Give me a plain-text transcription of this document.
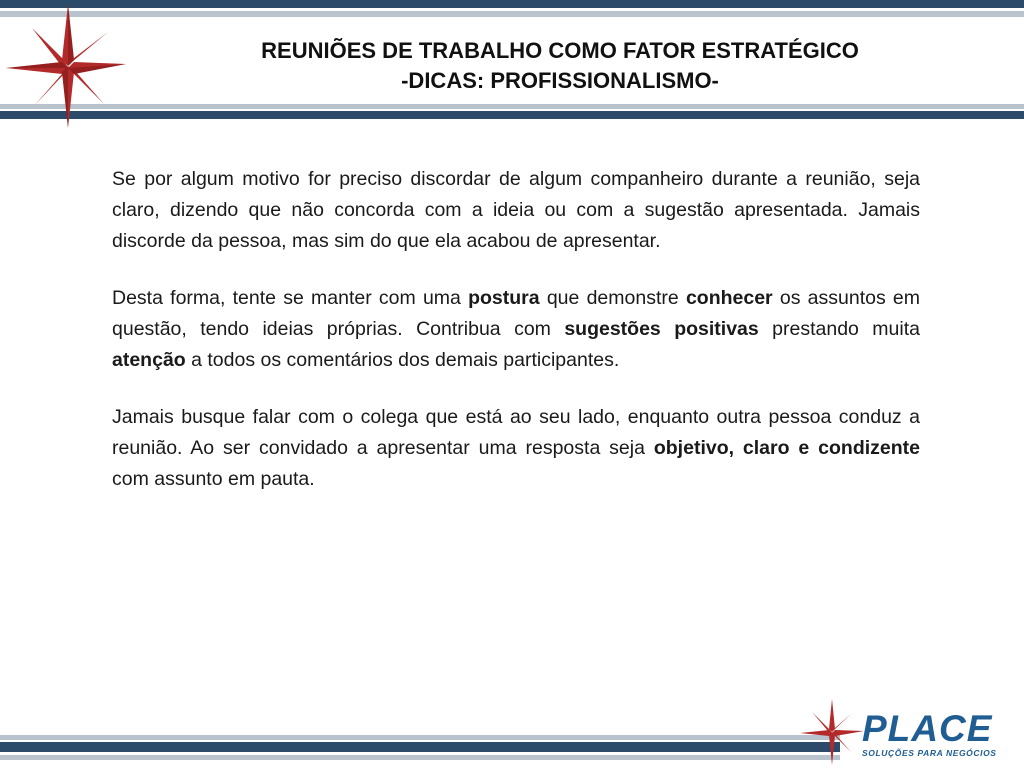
REUNIÕES DE TRABALHO COMO FATOR ESTRATÉGICO
-DICAS: PROFISSIONALISMO-

Se por algum motivo for preciso discordar de algum companheiro durante a reunião, seja claro, dizendo que não concorda com a ideia ou com a sugestão apresentada. Jamais discorde da pessoa, mas sim do que ela acabou de apresentar.

Desta forma, tente se manter com uma postura que demonstre conhecer os assuntos em questão, tendo ideias próprias. Contribua com sugestões positivas prestando muita atenção a todos os comentários dos demais participantes.

Jamais busque falar com o colega que está ao seu lado, enquanto outra pessoa conduz a reunião. Ao ser convidado a apresentar uma resposta seja objetivo, claro e condizente com assunto em pauta.

PLACE
SOLUÇÕES PARA NEGÓCIOS
